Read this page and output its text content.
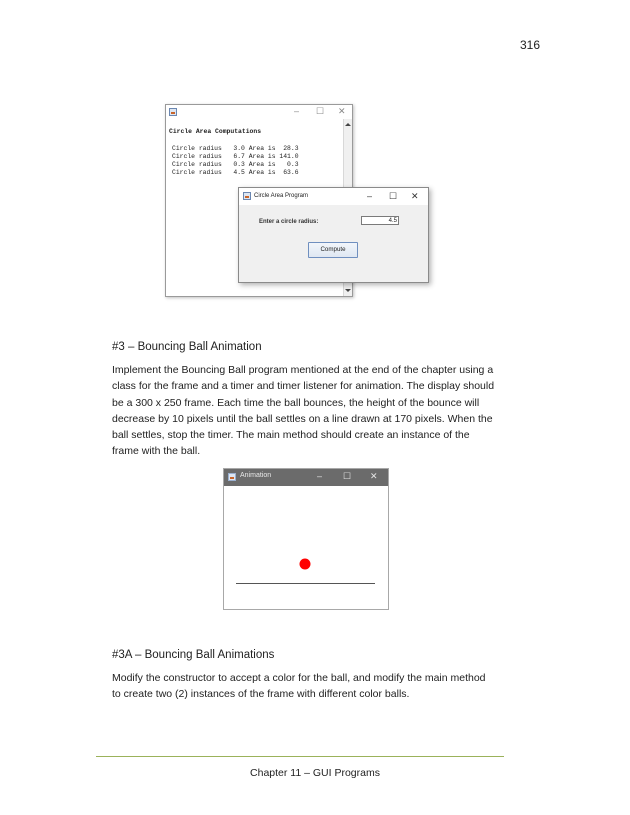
316
– ☐ ✕
Circle Area Computations
Circle radius   3.0 Area is  28.3
Circle radius   6.7 Area is 141.0
Circle radius   0.3 Area is   0.3
Circle radius   4.5 Area is  63.6
Circle Area Program	– ☐ ✕
Enter a circle radius:	4.5
Compute
#3 – Bouncing Ball Animation
Implement the Bouncing Ball program mentioned at the end of the chapter using a
class for the frame and a timer and timer listener for animation. The display should
be a 300 x 250 frame. Each time the ball bounces, the height of the bounce will
decrease by 10 pixels until the ball settles on a line drawn at 170 pixels. When the
ball settles, stop the timer. The main method should create an instance of the
frame with the ball.
Animation	– ☐ ✕
#3A – Bouncing Ball Animations
Modify the constructor to accept a color for the ball, and modify the main method
to create two (2) instances of the frame with different color balls.
Chapter 11 – GUI Programs
